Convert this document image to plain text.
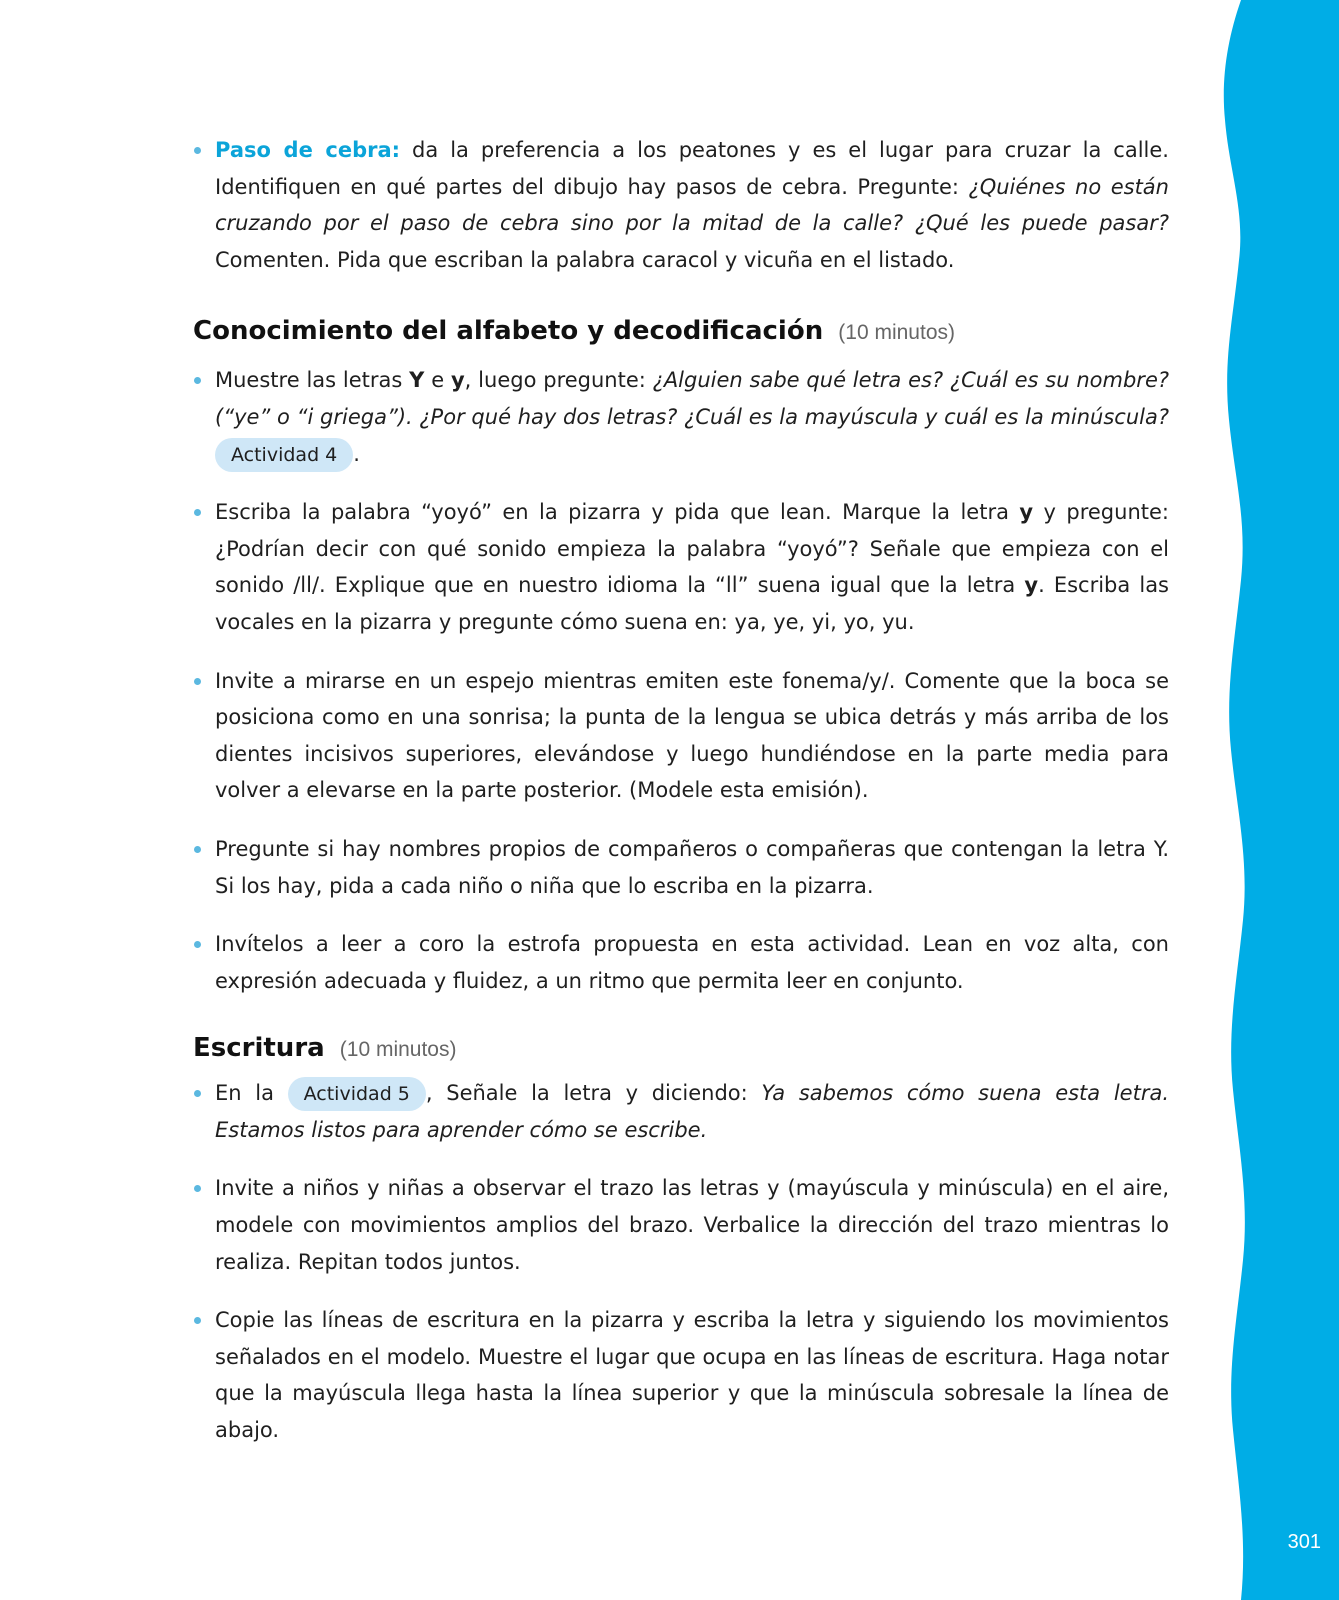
301
Paso de cebra: da la preferencia a los peatones y es el lugar para cruzar la calle. Identifiquen en qué partes del dibujo hay pasos de cebra. Pregunte: ¿Quiénes no están cruzando por el paso de cebra sino por la mitad de la calle? ¿Qué les puede pasar? Comenten. Pida que escriban la palabra caracol y vicuña en el listado.
Conocimiento del alfabeto y decodificación (10 minutos)
Muestre las letras Y e y, luego pregunte: ¿Alguien sabe qué letra es? ¿Cuál es su nombre? (“ye” o “i griega”). ¿Por qué hay dos letras? ¿Cuál es la mayúscula y cuál es la minúscula? Actividad 4 .
Escriba la palabra “yoyó” en la pizarra y pida que lean. Marque la letra y y pregunte: ¿Podrían decir con qué sonido empieza la palabra “yoyó”? Señale que empieza con el sonido /ll/. Explique que en nuestro idioma la “ll” suena igual que la letra y. Escriba las vocales en la pizarra y pregunte cómo suena en: ya, ye, yi, yo, yu.
Invite a mirarse en un espejo mientras emiten este fonema/y/. Comente que la boca se posiciona como en una sonrisa; la punta de la lengua se ubica detrás y más arriba de los dientes incisivos superiores, elevándose y luego hundiéndose en la parte media para volver a elevarse en la parte posterior. (Modele esta emisión).
Pregunte si hay nombres propios de compañeros o compañeras que contengan la letra Y. Si los hay, pida a cada niño o niña que lo escriba en la pizarra.
Invítelos a leer a coro la estrofa propuesta en esta actividad. Lean en voz alta, con expresión adecuada y fluidez, a un ritmo que permita leer en conjunto.
Escritura (10 minutos)
En la Actividad 5 , Señale la letra y diciendo: Ya sabemos cómo suena esta letra. Estamos listos para aprender cómo se escribe.
Invite a niños y niñas a observar el trazo las letras y (mayúscula y minúscula) en el aire, modele con movimientos amplios del brazo. Verbalice la dirección del trazo mientras lo realiza. Repitan todos juntos.
Copie las líneas de escritura en la pizarra y escriba la letra y siguiendo los movimientos señalados en el modelo. Muestre el lugar que ocupa en las líneas de escritura. Haga notar que la mayúscula llega hasta la línea superior y que la minúscula sobresale la línea de abajo.
